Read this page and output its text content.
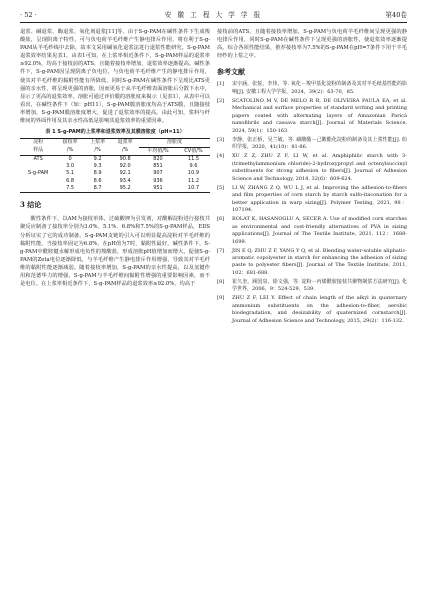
· 52 ·	安 徽 工 程 大 学 学 报	第40卷

退浆、碱退浆、酶退浆、氧化剂退浆[11]等。由于S-g-PAM在碱性条件下生成羧酸盐，呈现阴离子特性，可与负电荷羊毛纤维产生静电排斥作用，将有利于S-g-PAM从羊毛纱线中去除，故本文采用碱氧化退浆法进行退浆性能研究。S-g-PAM退浆效率结果见表1。由表1可知，在上浆率相近条件下，S-g-PAM样品的退浆率≥92.0%，均高于接枝前的ATS，且随着接枝率增加，退浆效率逐渐提高。碱性条件下，S-g-PAM因呈现阴离子负电位，与负电荷羊毛纤维产生的静电排斥作用，使其对羊毛纤维的黏附性能有所降低，同时S-g-PAM在碱性条件下呈现比ATS更强的亲水性，将呈现更强的溶胀，因而更易于从羊毛纤维表面溶胀后分散下水中，显示了更高的退浆效率。溶胀可通过评价膜的溶胀度来揭示（见表1），从表中可以看出，在碱性条件下（如：pH11），S-g-PAM膜溶胀度均高于ATS膜，且随接枝率增加，S-g-PAM膜溶胀度增大，促进了退浆效率的提高。由此可知，浆料与纤维间的界面作用及其亲水性高低是影响其退浆效率的重要因素。

表 1 S-g-PAM的上浆率和退浆效率及其膜溶胀度（pH=11）
淀粉	接枝率	上浆率	退浆率	溶胀度	
样品	/%	/%	/%	平均值/%	CV值/%
ATS	0	9.2	90.8	820	11.5
	3.0	9.3	92.0	851	9.6
S-g-PAM	5.1	8.9	92.1	907	10.9
	6.8	8.6	93.4	936	11.2
	7.5	8.7	95.2	951	10.7
3 结论

酸性条件下，以AM为接枝单体，过硫酸钾为引发剂，对酸解淀粉进行接枝共聚反应制备了接枝率分别为3.0%、5.1%、6.8%和7.5%的S-g-PAM样品，EDS分析证实了它的成功制备。S-g-PAM支链的引入可以明显提高淀粉对羊毛纤维的黏附性能。当接枝率固定为6.8%，在pH值为7时，黏附性最好。碱性条件下，S-g-PAM中酰胺键水解形成电负性的羧酸盐，形成溶胀pH值增加而增大，促使S-g-PAM的Zeta电位逐渐降低，与羊毛纤维产生静电排斥作用增强，导致其对羊毛纤维的黏附性能逐渐减弱。随着接枝率增加，S-g-PAM的亲水性提高，以及氢键作用和范德华力的增强，S-g-PAM与羊毛纤维间黏附性增强的重要影响因素，而不是电位。在上浆率相近条件下，S-g-PAM样品的退浆效率≥92.0%，均高于

接枝前的ATS，且随着接枝率增加，S-g-PAM与负电荷羊毛纤维间呈现更强的静电排斥作用，同时S-g-PAM在碱性条件下呈现更强的溶胀性，使退浆效率逐渐提高。综合各项性能结果，推荐接枝率为7.5%的S-g-PAM在pH=7条件下用于羊毛经纱的上浆之中。

参考文献
[1]	宋宇涵，张悦，李伟，等. 氧化－羧甲基化淀粉的制备及其对羊毛纸基性能的影响[J]. 安徽工程大学学报，2024，39(2)：63-70，85.
[2]	SCATOLINO M V, DE MELO R R, DE OLIVEIRA PAULA EA, et al. Mechanical and surface properties of standard writing and printing papers coated with alternating layers of Amazonian Paricá nanofibrils and cassava starch[J]. Journal of Materials Science, 2024, 59(1)：150-163.
[3]	李静，张正桥，吴兰敏，等. 磺酸酯－己酸酯化淀粉的制备及其上浆性能[J]. 纺织学报，2020，41(10)：81-86.
[4]	XU Z Z, ZHU Z F, LI W, et al. Amphiphilic starch with 3-(trimethylammonium chloride)-2-hydroxypropyl and octenylsuccinyl substituents for strong adhesion to fibers[J]. Journal of Adhesion Science and Technology, 2018, 32(6)：609-624.
[5]	LI W, ZHANG Z Q, WU L J, et al. Improving the adhesion-to-fibers and film properties of corn starch by starch sulfo-itaconation for a better application in warp sizing[J]. Polymer Testing, 2021, 98：107194.
[6]	BOLAT K, HASANOGLU A, SECER A. Use of modified corn starches as environmental and cost-friendly alternatives of PVA in sizing applications[J]. Journal of The Textile Institute, 2021, 112：1688-1699.
[7]	JIN E Q, ZHU Z F, YANG Y Q, et al. Blending water-soluble aliphatic-aromatic copolyester in starch for enhancing the adhesion of sizing paste to polyester fibers[J]. Journal of The Textile Institute, 2011, 102：681-688.
[8]	崔久奎，顾国泉，徐文强，等. 淀粉－丙烯酰胺接枝共聚物制浆方法研究[J]. 化学世界，2006，9：524-529，539.
[9]	ZHU Z F, LEI Y. Effect of chain length of the alkyl in quaternary ammonium substituents on the adhesion-to-fiber, aerobic biodegradation, and desizability of quaternized cornstarch[J]. Journal of Adhesion Science and Technology, 2015, 29(2)：116-132.
